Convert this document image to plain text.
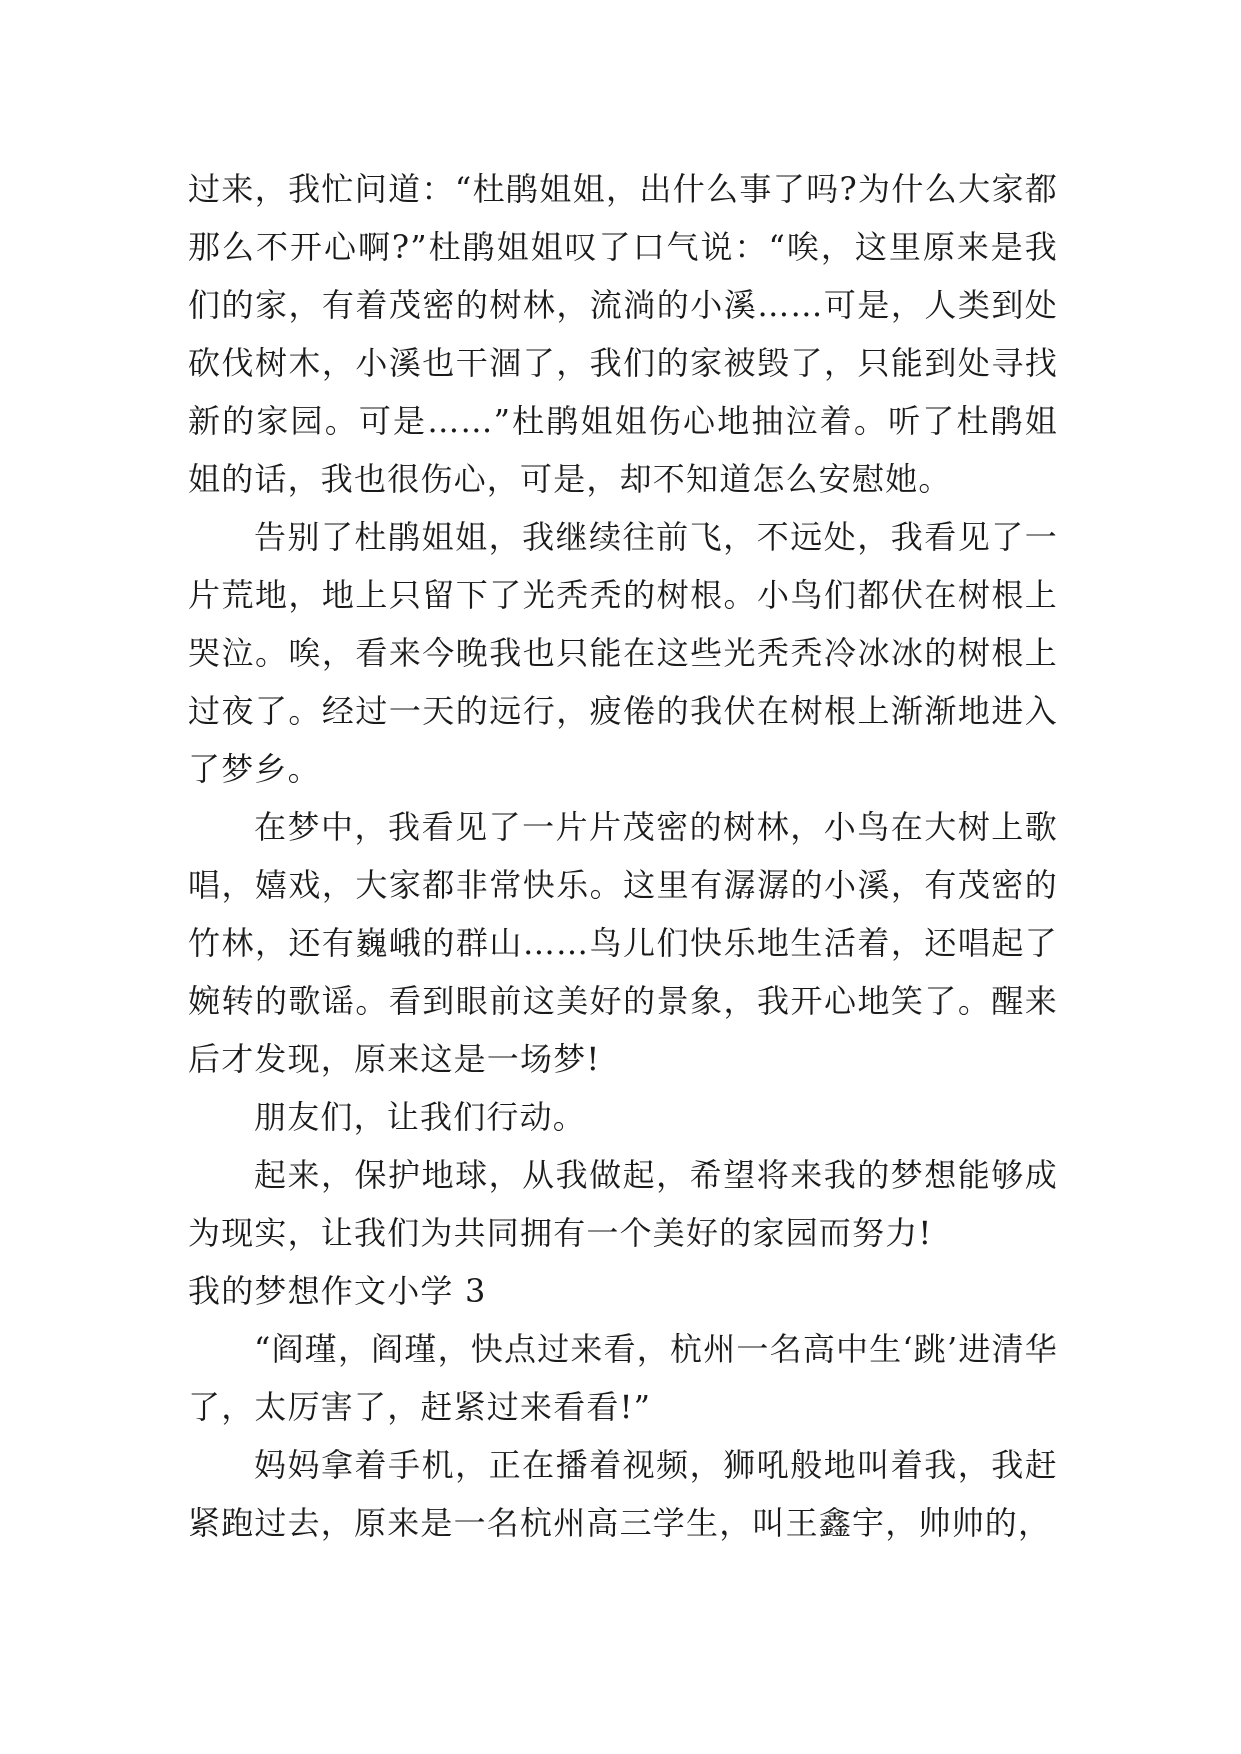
过来，我忙问道：“杜鹃姐姐，出什么事了吗?为什么大家都那么不开心啊?”杜鹃姐姐叹了口气说：“唉，这里原来是我们的家，有着茂密的树林，流淌的小溪……可是，人类到处砍伐树木，小溪也干涸了，我们的家被毁了，只能到处寻找新的家园。可是……”杜鹃姐姐伤心地抽泣着。听了杜鹃姐姐的话，我也很伤心，可是，却不知道怎么安慰她。

告别了杜鹃姐姐，我继续往前飞，不远处，我看见了一片荒地，地上只留下了光秃秃的树根。小鸟们都伏在树根上哭泣。唉，看来今晚我也只能在这些光秃秃冷冰冰的树根上过夜了。经过一天的远行，疲倦的我伏在树根上渐渐地进入了梦乡。

在梦中，我看见了一片片茂密的树林，小鸟在大树上歌唱，嬉戏，大家都非常快乐。这里有潺潺的小溪，有茂密的竹林，还有巍峨的群山……鸟儿们快乐地生活着，还唱起了婉转的歌谣。看到眼前这美好的景象，我开心地笑了。醒来后才发现，原来这是一场梦!

朋友们，让我们行动。

起来，保护地球，从我做起，希望将来我的梦想能够成为现实，让我们为共同拥有一个美好的家园而努力!

我的梦想作文小学 3

“阎瑾，阎瑾，快点过来看，杭州一名高中生‘跳’进清华了，太厉害了，赶紧过来看看!”

妈妈拿着手机，正在播着视频，狮吼般地叫着我，我赶紧跑过去，原来是一名杭州高三学生，叫王鑫宇，帅帅的，
